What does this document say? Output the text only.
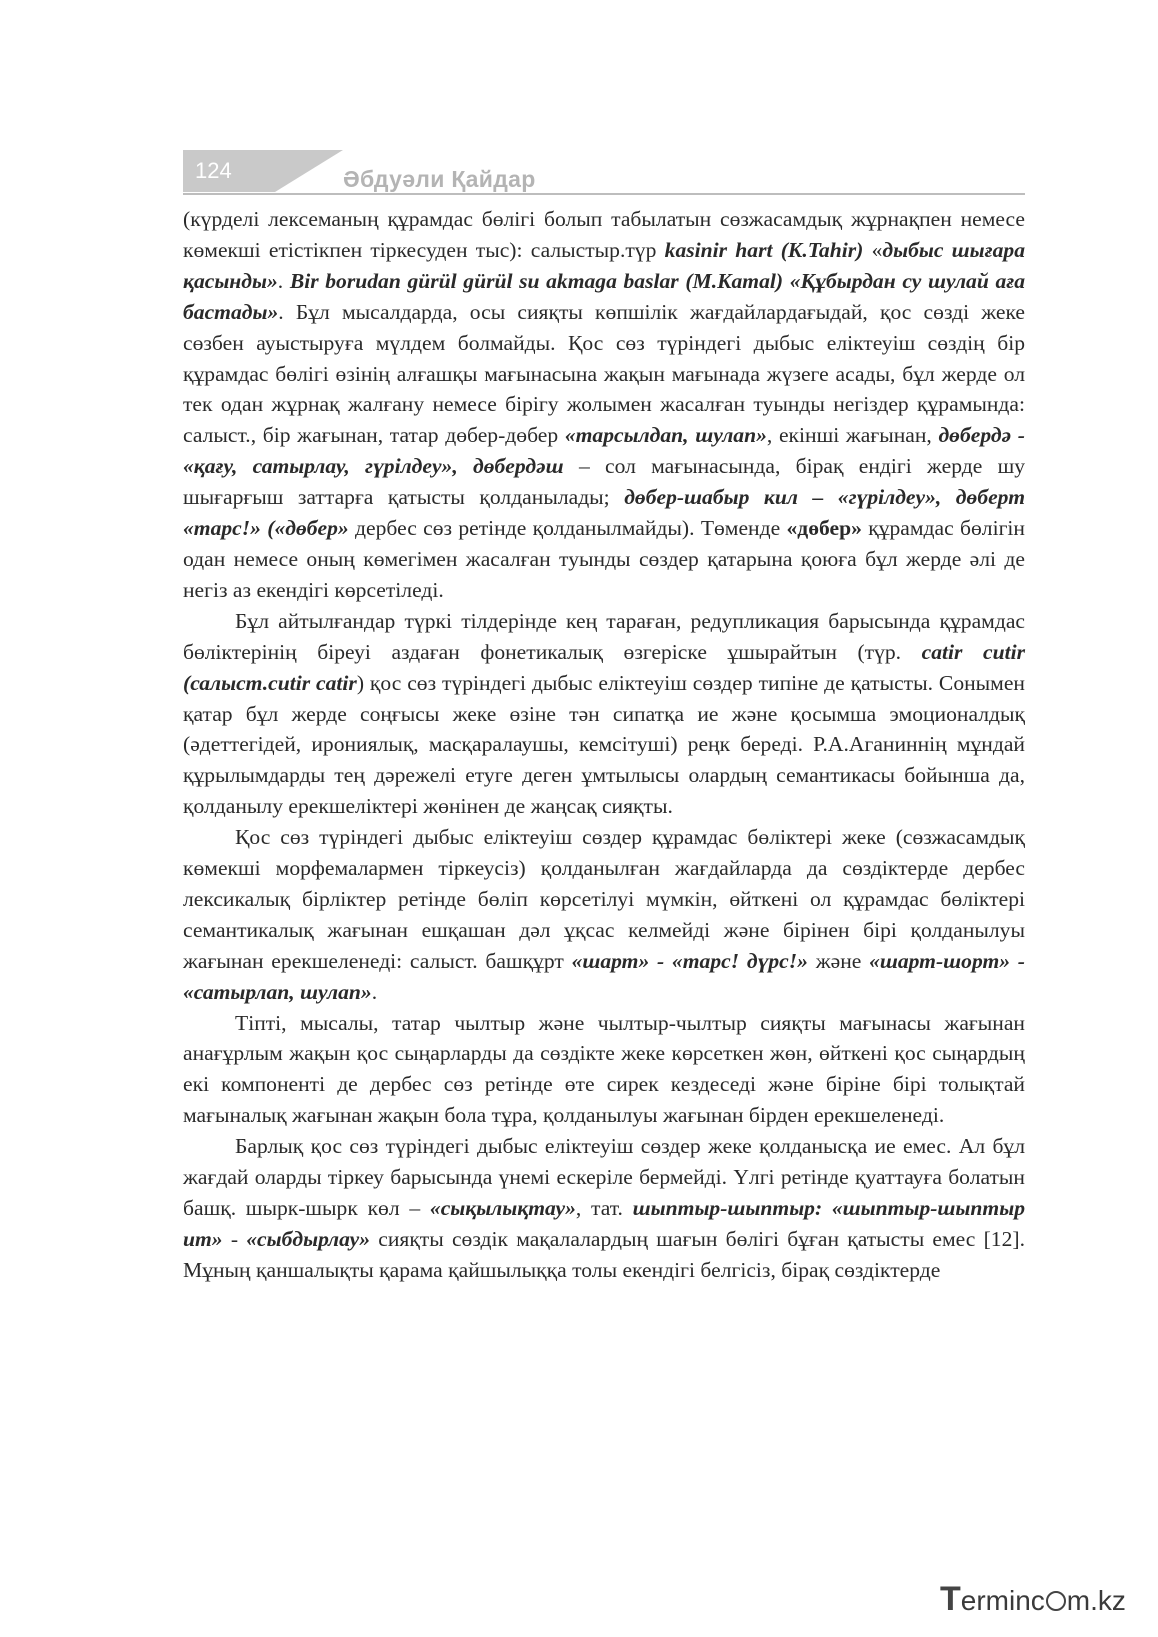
124	Әбдуәли Қайдар

(күрделі лексеманың құрамдас бөлігі болып табылатын сөзжасамдық жұрнақпен немесе көмекші етістікпен тіркесуден тыс): салыстыр.түр kasinir hart (K.Tahir) «дыбыс шығара қасынды». Bir borudan gürül gürül su akmaga baslar (M.Kamal) «Құбырдан су шулай аға бастады». Бұл мысалдарда, осы сияқты көпшілік жағдайлардағыдай, қос сөзді жеке сөзбен ауыстыруға мүлдем болмайды. Қос сөз түріндегі дыбыс еліктеуіш сөздің бір құрамдас бөлігі өзінің алғашқы мағынасына жақын мағынада жүзеге асады, бұл жерде ол тек одан жұрнақ жалғану немесе бірігу жолымен жасалған туынды негіздер құрамында: салыст., бір жағынан, татар дөбер-дөбер «тарсылдап, шулап», екінші жағынан, дөбердә - «қағу, сатырлау, гүрілдеу», дөбердәш – сол мағынасында, бірақ ендігі жерде шу шығарғыш заттарға қатысты қолданылады; дөбер-шабыр кил – «гүрілдеу», дөберт «тарс!» («дөбер» дербес сөз ретінде қолданылмайды). Төменде «дөбер» құрамдас бөлігін одан немесе оның көмегімен жасалған туынды сөздер қатарына қоюға бұл жерде әлі де негіз аз екендігі көрсетіледі.

Бұл айтылғандар түркі тілдерінде кең тараған, редупликация барысында құрамдас бөліктерінің біреуі аздаған фонетикалық өзгеріске ұшырайтын (түр. catir cutir (салыст.cutir catir) қос сөз түріндегі дыбыс еліктеуіш сөздер типіне де қатысты. Сонымен қатар бұл жерде соңғысы жеке өзіне тән сипатқа ие және қосымша эмоционалдық (әдеттегідей, ирониялық, масқаралаушы, кемсітуші) реңк береді. Р.А.Аганиннің мұндай құрылымдарды тең дәрежелі етуге деген ұмтылысы олардың семантикасы бойынша да, қолданылу ерекшеліктері жөнінен де жаңсақ сияқты.

Қос сөз түріндегі дыбыс еліктеуіш сөздер құрамдас бөліктері жеке (сөзжасамдық көмекші морфемалармен тіркеусіз) қолданылған жағдайларда да сөздіктерде дербес лексикалық бірліктер ретінде бөліп көрсетілуі мүмкін, өйткені ол құрамдас бөліктері семантикалық жағынан ешқашан дәл ұқсас келмейді және бірінен бірі қолданылуы жағынан ерекшеленеді: салыст. башқұрт «шарт» - «тарс! дүрс!» және «шарт-шорт» - «сатырлап, шулап».

Тіпті, мысалы, татар чылтыр және чылтыр-чылтыр сияқты мағынасы жағынан анағұрлым жақын қос сыңарларды да сөздікте жеке көрсеткен жөн, өйткені қос сыңардың екі компоненті де дербес сөз ретінде өте сирек кездеседі және біріне бірі толықтай мағыналық жағынан жақын бола тұра, қолданылуы жағынан бірден ерекшеленеді.

Барлық қос сөз түріндегі дыбыс еліктеуіш сөздер жеке қолданысқа ие емес. Ал бұл жағдай оларды тіркеу барысында үнемі ескеріле бермейді. Үлгі ретінде қуаттауға болатын башқ. шырк-шырк көл – «сықылықтау», тат. шыптыр-шыптыр: «шыптыр-шыптыр ит» - «сыбдырлау» сияқты сөздік мақалалардың шағын бөлігі бұған қатысты емес [12]. Мұның қаншалықты қарама қайшылыққа толы екендігі белгісіз, бірақ сөздіктерде

Terminc m.kz
